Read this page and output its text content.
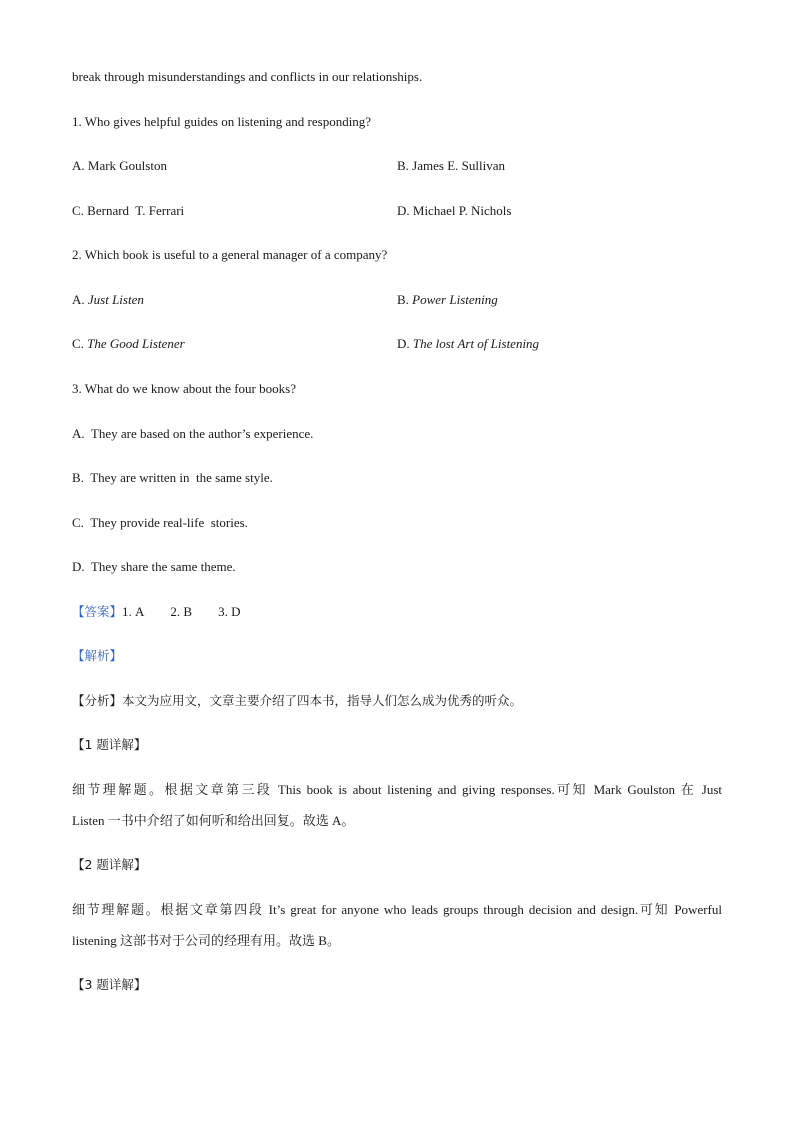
break through misunderstandings and conflicts in our relationships.
1. Who gives helpful guides on listening and responding?
A. Mark Goulston	B. James E. Sullivan
C. Bernard  T. Ferrari	D. Michael P. Nichols
2. Which book is useful to a general manager of a company?
A. Just Listen	B. Power Listening
C. The Good Listener	D. The lost Art of Listening
3. What do we know about the four books?
A. They are based on the author’s experience.
B. They are written in  the same style.
C. They provide real-life  stories.
D. They share the same theme.
【答案】1. A 2. B 3. D
【解析】
【分析】本文为应用文，文章主要介绍了四本书，指导人们怎么成为优秀的听众。
【1 题详解】
细节理解题。根据文章第三段 This book is about listening and giving responses.可知 Mark Goulston 在 Just
Listen 一书中介绍了如何听和给出回复。故选 A。
【2 题详解】
细节理解题。根据文章第四段 It’s great for anyone who leads groups through decision and design.可知 Powerful
listening 这部书对于公司的经理有用。故选 B。
【3 题详解】
